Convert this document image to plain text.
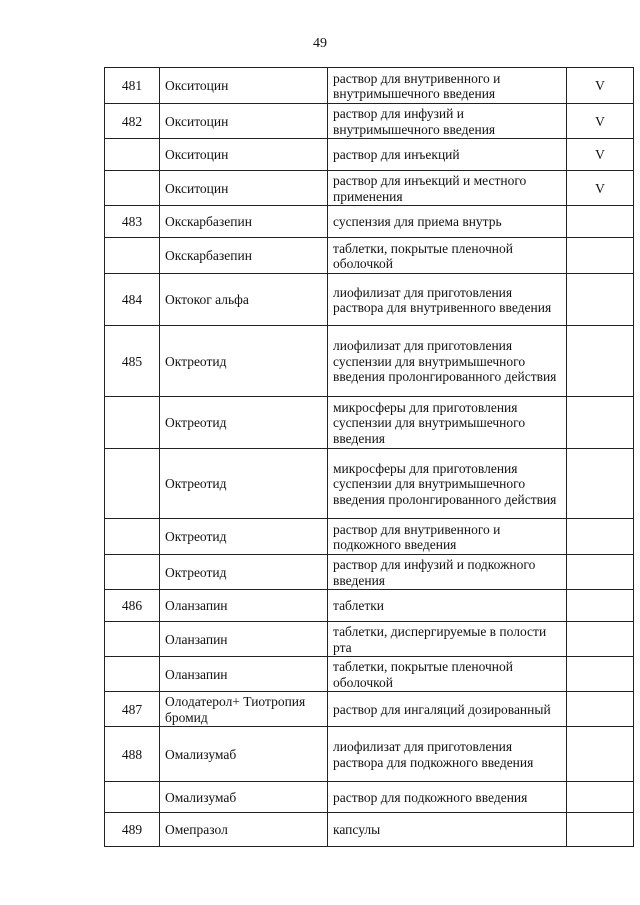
49
481	Окситоцин	раствор для внутривенного и внутримышечного введения	V
482	Окситоцин	раствор для инфузий и внутримышечного введения	V
	Окситоцин	раствор для инъекций	V
	Окситоцин	раствор для инъекций и местного применения	V
483	Окскарбазепин	суспензия для приема внутрь	
	Окскарбазепин	таблетки, покрытые пленочной оболочкой	
484	Октоког альфа	лиофилизат для приготовления раствора для внутривенного введения	
485	Октреотид	лиофилизат для приготовления суспензии для внутримышечного введения пролонгированного действия	
	Октреотид	микросферы для приготовления суспензии для внутримышечного введения	
	Октреотид	микросферы для приготовления суспензии для внутримышечного введения пролонгированного действия	
	Октреотид	раствор для внутривенного и подкожного введения	
	Октреотид	раствор для инфузий и подкожного введения	
486	Оланзапин	таблетки	
	Оланзапин	таблетки, диспергируемые в полости рта	
	Оланзапин	таблетки, покрытые пленочной оболочкой	
487	Олодатерол+ Тиотропия бромид	раствор для ингаляций дозированный	
488	Омализумаб	лиофилизат для приготовления раствора для подкожного введения	
	Омализумаб	раствор для подкожного введения	
489	Омепразол	капсулы	
